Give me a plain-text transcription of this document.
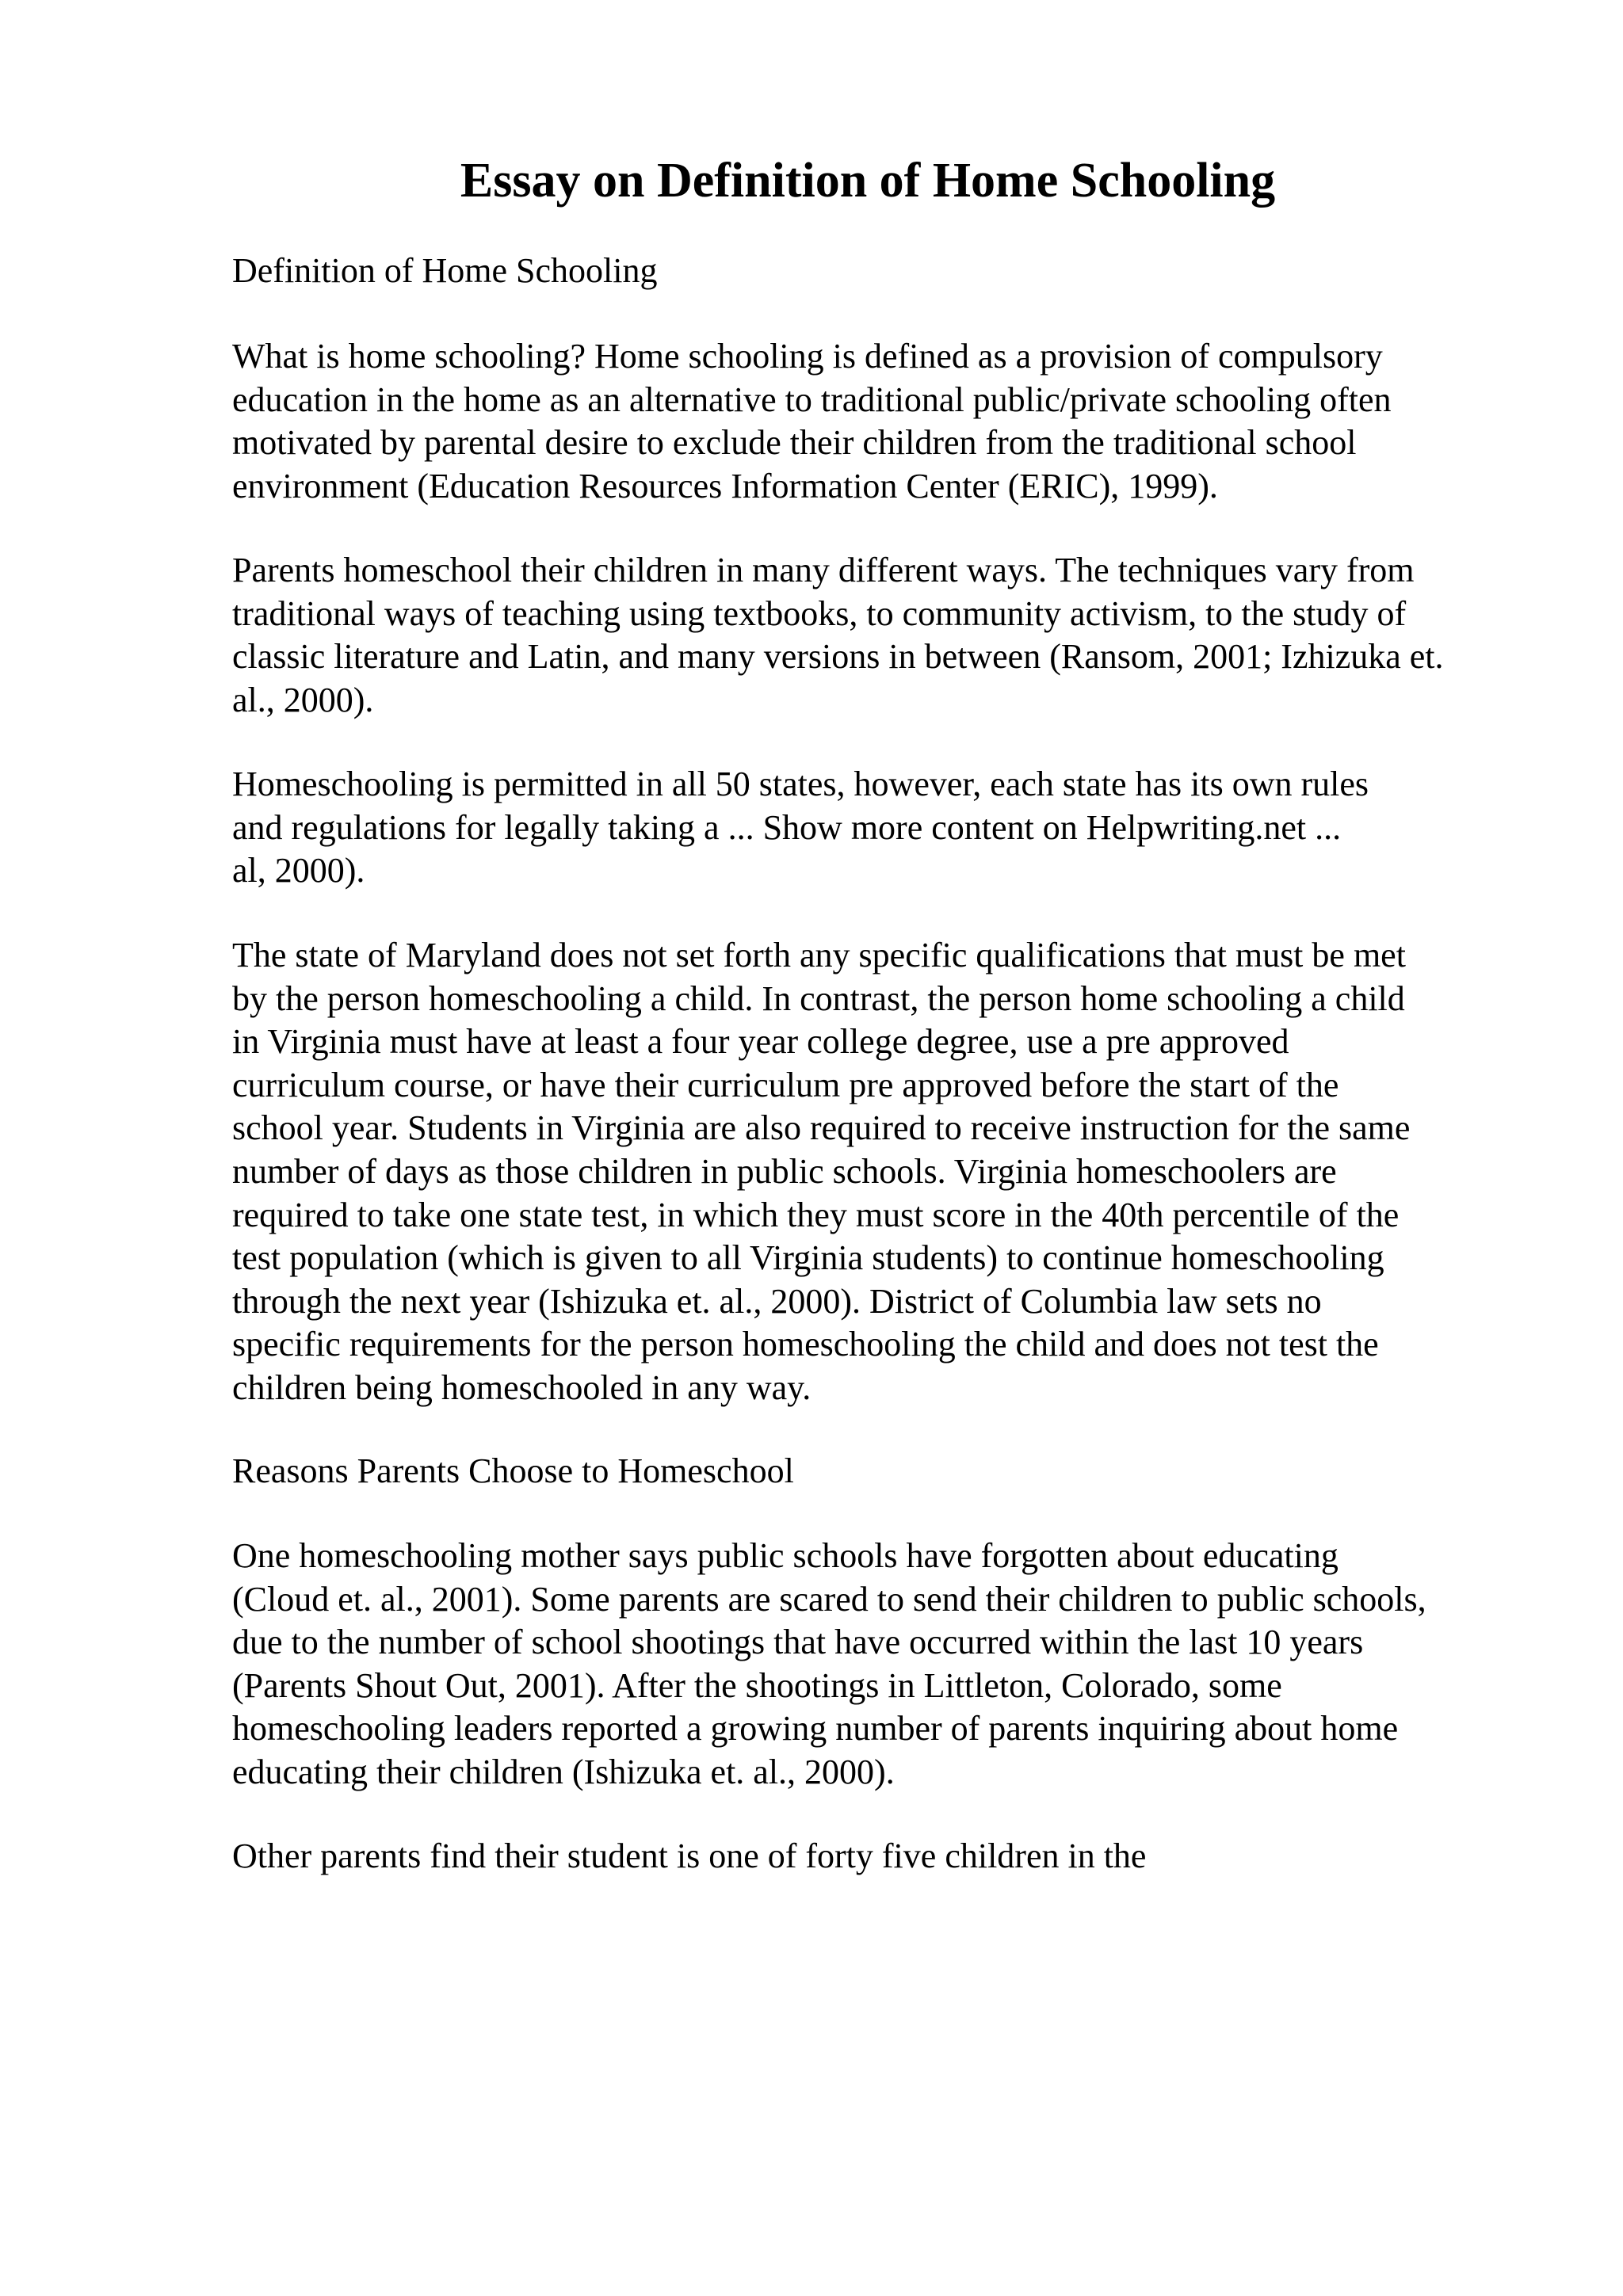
Essay on Definition of Home Schooling

Definition of Home Schooling

What is home schooling? Home schooling is defined as a provision of compulsory
education in the home as an alternative to traditional public/private schooling often
motivated by parental desire to exclude their children from the traditional school
environment (Education Resources Information Center (ERIC), 1999).

Parents homeschool their children in many different ways. The techniques vary from
traditional ways of teaching using textbooks, to community activism, to the study of
classic literature and Latin, and many versions in between (Ransom, 2001; Izhizuka et.
al., 2000).

Homeschooling is permitted in all 50 states, however, each state has its own rules
and regulations for legally taking a ... Show more content on Helpwriting.net ...
al, 2000).

The state of Maryland does not set forth any specific qualifications that must be met
by the person homeschooling a child. In contrast, the person home schooling a child
in Virginia must have at least a four year college degree, use a pre approved
curriculum course, or have their curriculum pre approved before the start of the
school year. Students in Virginia are also required to receive instruction for the same
number of days as those children in public schools. Virginia homeschoolers are
required to take one state test, in which they must score in the 40th percentile of the
test population (which is given to all Virginia students) to continue homeschooling
through the next year (Ishizuka et. al., 2000). District of Columbia law sets no
specific requirements for the person homeschooling the child and does not test the
children being homeschooled in any way.

Reasons Parents Choose to Homeschool

One homeschooling mother says public schools have forgotten about educating
(Cloud et. al., 2001). Some parents are scared to send their children to public schools,
due to the number of school shootings that have occurred within the last 10 years
(Parents Shout Out, 2001). After the shootings in Littleton, Colorado, some
homeschooling leaders reported a growing number of parents inquiring about home
educating their children (Ishizuka et. al., 2000).

Other parents find their student is one of forty five children in the
